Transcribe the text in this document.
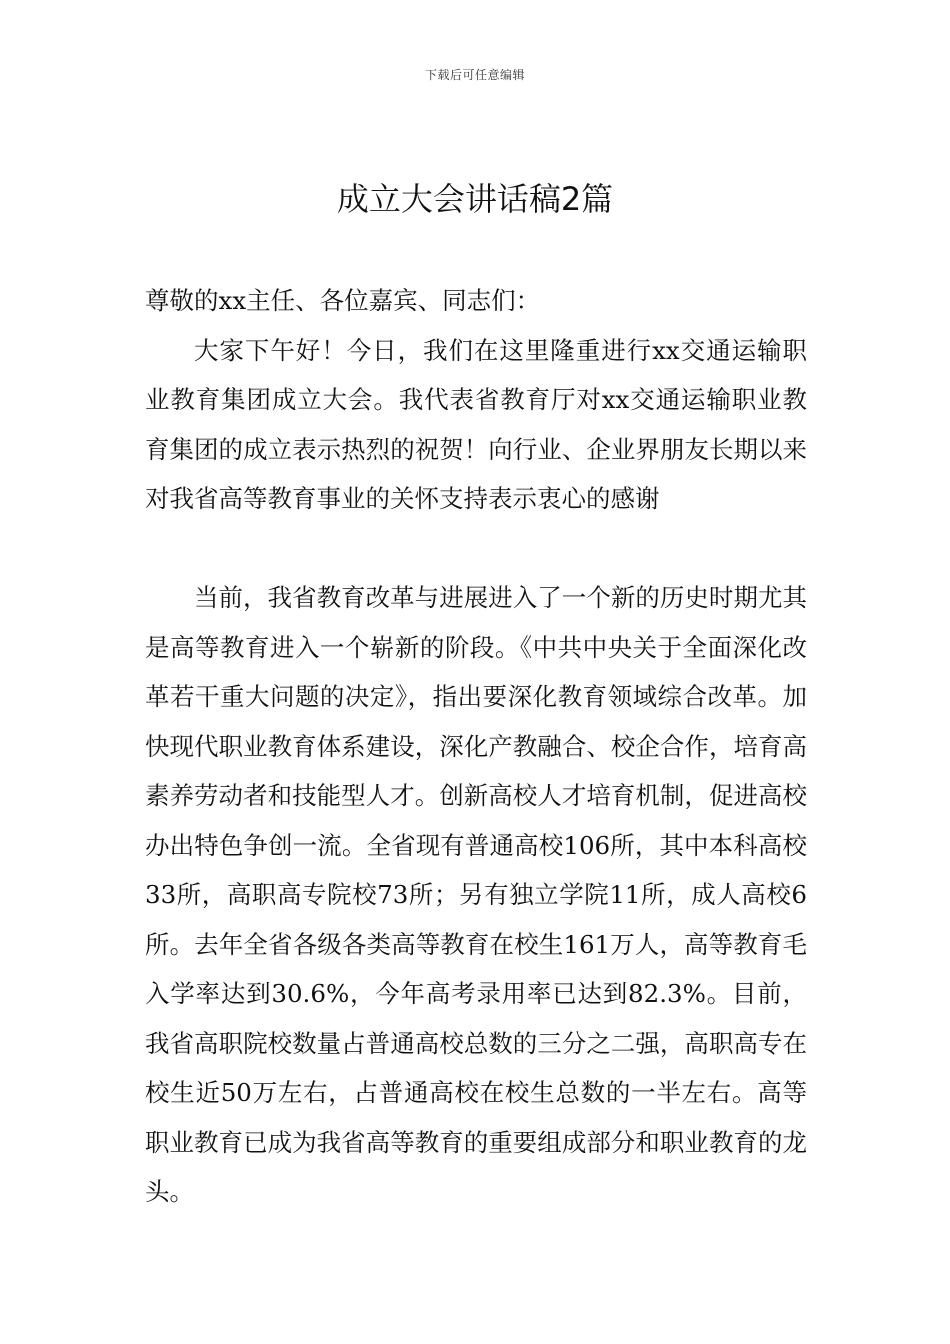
下载后可任意编辑
成立大会讲话稿2篇

尊敬的xx主任、各位嘉宾、同志们：

大家下午好！今日，我们在这里隆重进行xx交通运输职业教育集团成立大会。我代表省教育厅对xx交通运输职业教育集团的成立表示热烈的祝贺！向行业、企业界朋友长期以来对我省高等教育事业的关怀支持表示衷心的感谢

当前，我省教育改革与进展进入了一个新的历史时期尤其是高等教育进入一个崭新的阶段。《中共中央关于全面深化改革若干重大问题的决定》，指出要深化教育领域综合改革。加快现代职业教育体系建设，深化产教融合、校企合作，培育高素养劳动者和技能型人才。创新高校人才培育机制，促进高校办出特色争创一流。全省现有普通高校106所，其中本科高校33所，高职高专院校73所；另有独立学院11所，成人高校6所。去年全省各级各类高等教育在校生161万人，高等教育毛入学率达到30.6%，今年高考录用率已达到82.3%。目前，我省高职院校数量占普通高校总数的三分之二强，高职高专在校生近50万左右，占普通高校在校生总数的一半左右。高等职业教育已成为我省高等教育的重要组成部分和职业教育的龙头。
